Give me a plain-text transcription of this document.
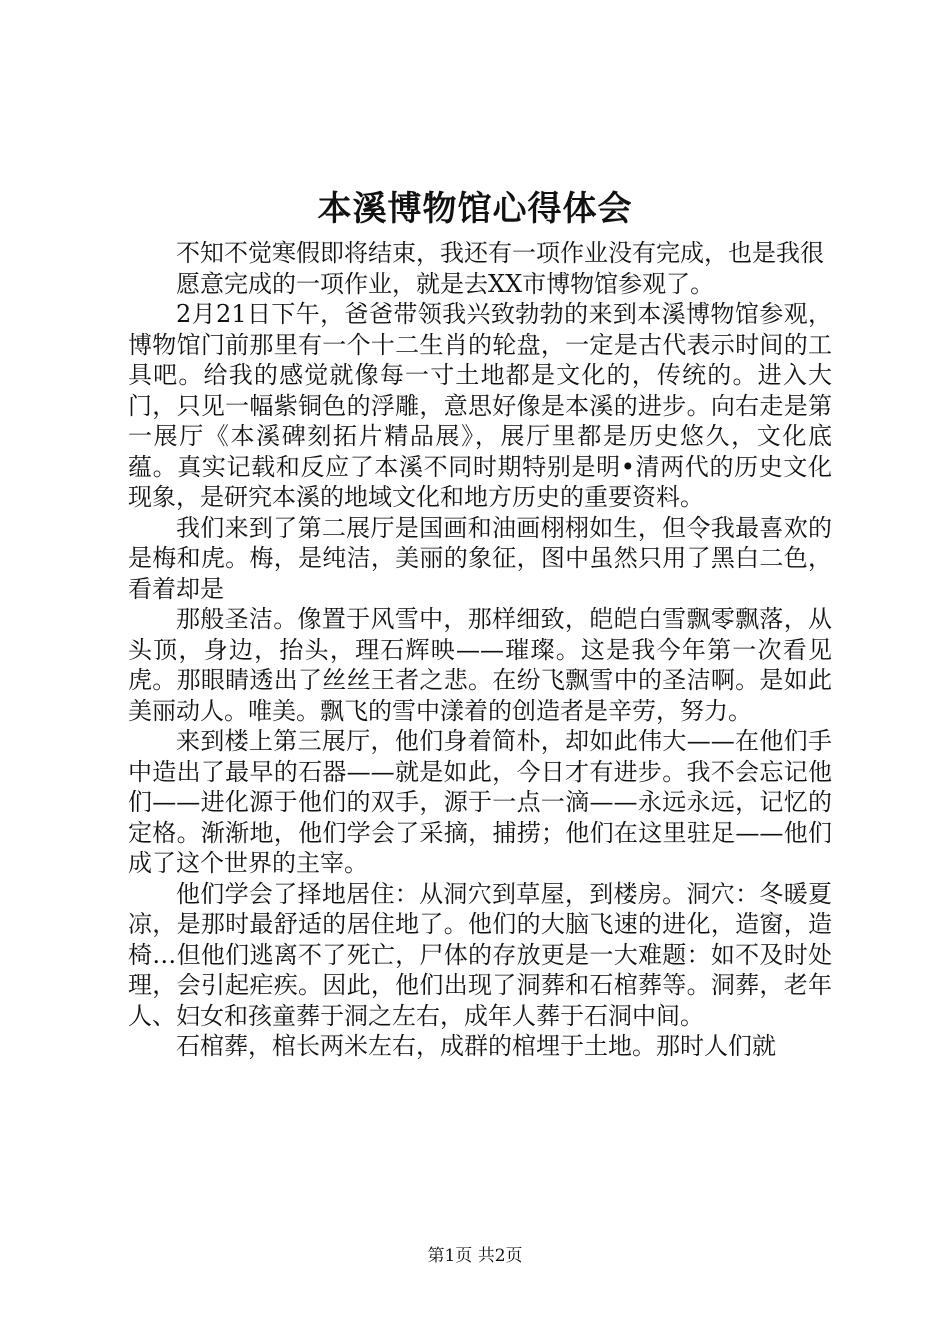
本溪博物馆心得体会

不知不觉寒假即将结束，我还有一项作业没有完成，也是我很

愿意完成的一项作业，就是去XX市博物馆参观了。

2月21日下午，爸爸带领我兴致勃勃的来到本溪博物馆参观，博物馆门前那里有一个十二生肖的轮盘，一定是古代表示时间的工具吧。给我的感觉就像每一寸土地都是文化的，传统的。进入大门，只见一幅紫铜色的浮雕，意思好像是本溪的进步。向右走是第一展厅《本溪碑刻拓片精品展》，展厅里都是历史悠久，文化底蕴。真实记载和反应了本溪不同时期特别是明•清两代的历史文化现象，是研究本溪的地域文化和地方历史的重要资料。

我们来到了第二展厅是国画和油画栩栩如生，但令我最喜欢的是梅和虎。梅，是纯洁，美丽的象征，图中虽然只用了黑白二色，看着却是

那般圣洁。像置于风雪中，那样细致，皑皑白雪飘零飘落，从头顶，身边，抬头，理石辉映——璀璨。这是我今年第一次看见虎。那眼睛透出了丝丝王者之悲。在纷飞飘雪中的圣洁啊。是如此美丽动人。唯美。飘飞的雪中漾着的创造者是辛劳，努力。

来到楼上第三展厅，他们身着简朴，却如此伟大——在他们手中造出了最早的石器——就是如此，今日才有进步。我不会忘记他们——进化源于他们的双手，源于一点一滴——永远永远，记忆的定格。渐渐地，他们学会了采摘，捕捞；他们在这里驻足——他们成了这个世界的主宰。

他们学会了择地居住：从洞穴到草屋，到楼房。洞穴：冬暖夏凉，是那时最舒适的居住地了。他们的大脑飞速的进化，造窗，造椅…但他们逃离不了死亡，尸体的存放更是一大难题：如不及时处理，会引起疟疾。因此，他们出现了洞葬和石棺葬等。洞葬，老年人、妇女和孩童葬于洞之左右，成年人葬于石洞中间。

石棺葬，棺长两米左右，成群的棺埋于土地。那时人们就

第1页 共2页
